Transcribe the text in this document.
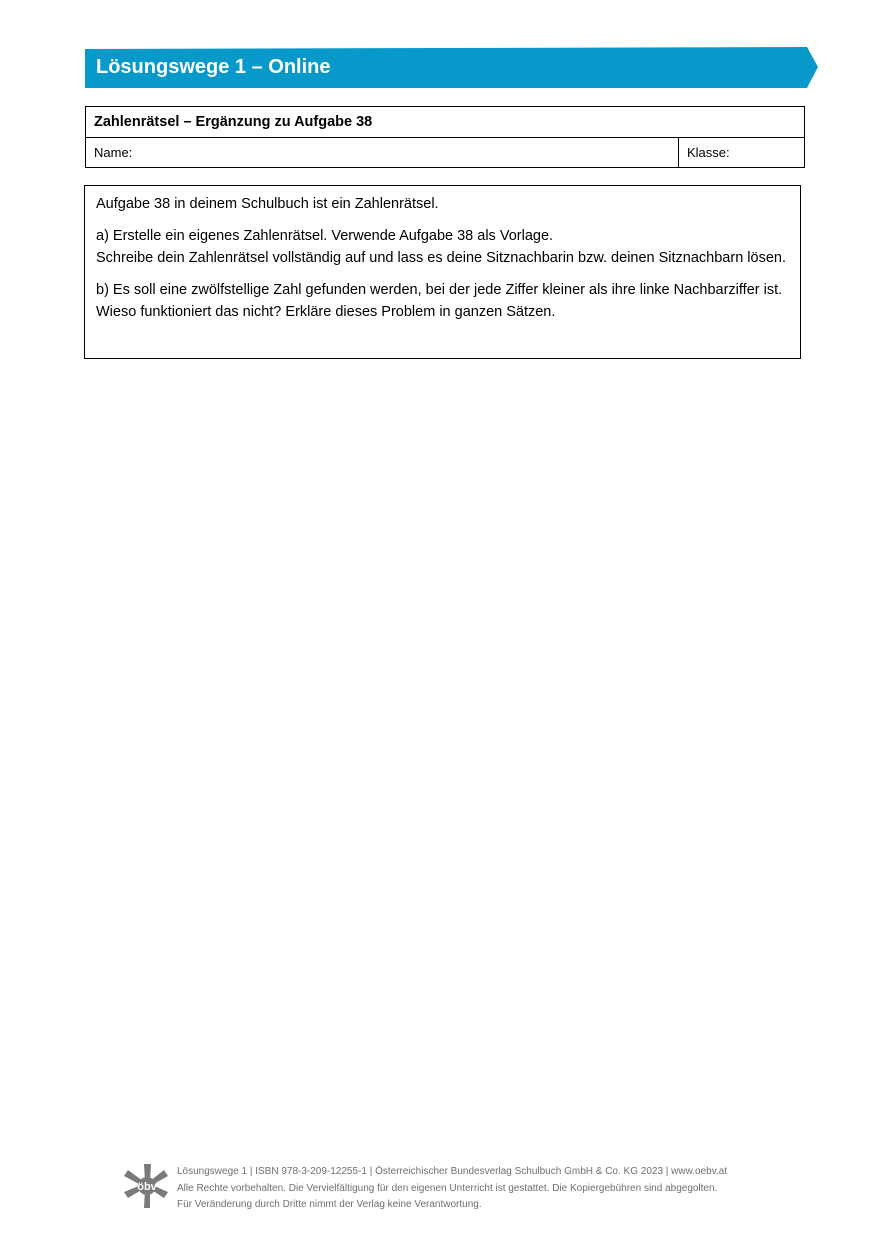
Lösungswege 1 – Online
Zahlenrätsel – Ergänzung zu Aufgabe 38
Name:	Klasse:

Aufgabe 38 in deinem Schulbuch ist ein Zahlenrätsel.

a) Erstelle ein eigenes Zahlenrätsel. Verwende Aufgabe 38 als Vorlage.
Schreibe dein Zahlenrätsel vollständig auf und lass es deine Sitznachbarin bzw. deinen Sitznachbarn lösen.

b) Es soll eine zwölfstellige Zahl gefunden werden, bei der jede Ziffer kleiner als ihre linke Nachbarziffer ist. Wieso funktioniert das nicht? Erkläre dieses Problem in ganzen Sätzen.

öbv
Lösungswege 1 | ISBN 978-3-209-12255-1 | Österreichischer Bundesverlag Schulbuch GmbH & Co. KG 2023 | www.oebv.at
Alle Rechte vorbehalten. Die Vervielfältigung für den eigenen Unterricht ist gestattet. Die Kopiergebühren sind abgegolten.
Für Veränderung durch Dritte nimmt der Verlag keine Verantwortung.
